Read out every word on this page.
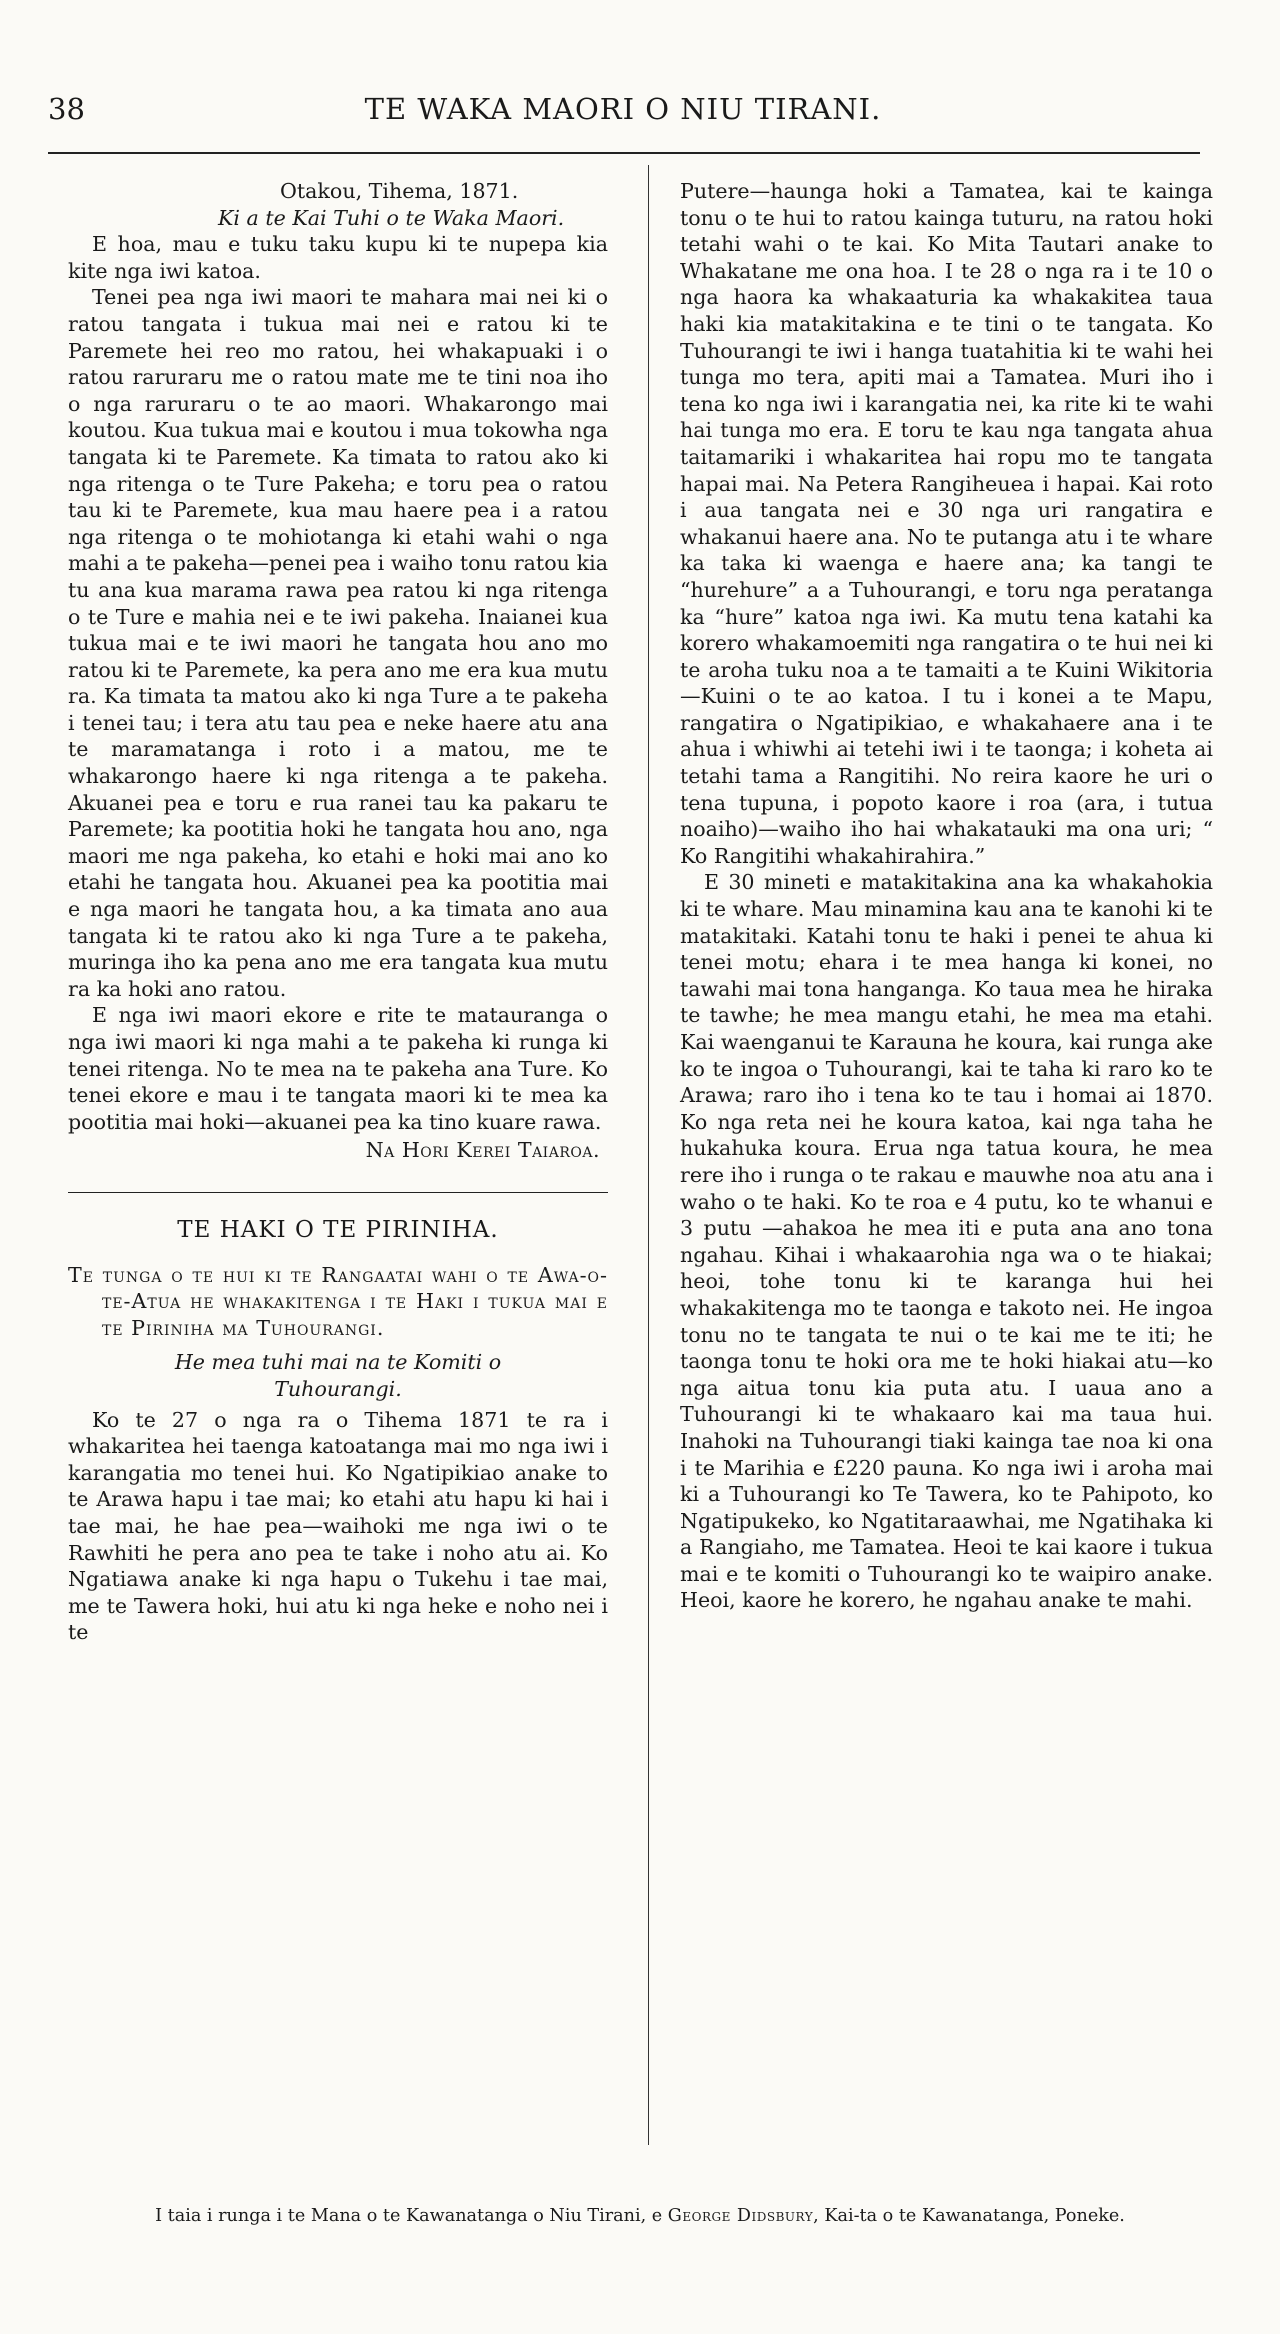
38	TE WAKA MAORI O NIU TIRANI.

Otakou, Tihema, 1871.

Ki a te Kai Tuhi o te Waka Maori.

E hoa, mau e tuku taku kupu ki te nupepa kia kite nga iwi katoa.

Tenei pea nga iwi maori te mahara mai nei ki o ratou tangata i tukua mai nei e ratou ki te Paremete hei reo mo ratou, hei whakapuaki i o ratou raruraru me o ratou mate me te tini noa iho o nga raruraru o te ao maori. Whakarongo mai koutou. Kua tukua mai e koutou i mua tokowha nga tangata ki te Paremete. Ka timata to ratou ako ki nga ritenga o te Ture Pakeha; e toru pea o ratou tau ki te Paremete, kua mau haere pea i a ratou nga ritenga o te mohiotanga ki etahi wahi o nga mahi a te pakeha—penei pea i waiho tonu ratou kia tu ana kua marama rawa pea ratou ki nga ritenga o te Ture e mahia nei e te iwi pakeha. Inaianei kua tukua mai e te iwi maori he tangata hou ano mo ratou ki te Paremete, ka pera ano me era kua mutu ra. Ka timata ta matou ako ki nga Ture a te pakeha i tenei tau; i tera atu tau pea e neke haere atu ana te maramatanga i roto i a matou, me te whakarongo haere ki nga ritenga a te pakeha. Akuanei pea e toru e rua ranei tau ka pakaru te Paremete; ka pootitia hoki he tangata hou ano, nga maori me nga pakeha, ko etahi e hoki mai ano ko etahi he tangata hou. Akuanei pea ka pootitia mai e nga maori he tangata hou, a ka timata ano aua tangata ki te ratou ako ki nga Ture a te pakeha, muringa iho ka pena ano me era tangata kua mutu ra ka hoki ano ratou.

E nga iwi maori ekore e rite te matauranga o nga iwi maori ki nga mahi a te pakeha ki runga ki tenei ritenga. No te mea na te pakeha ana Ture. Ko tenei ekore e mau i te tangata maori ki te mea ka pootitia mai hoki—akuanei pea ka tino kuare rawa.

Na Hori Kerei Taiaroa.

TE HAKI O TE PIRINIHA.

Te tunga o te hui ki te Rangaatai wahi o te Awa-o-te-Atua he whakakitenga i te Haki i tukua mai e te Piriniha ma Tuhourangi.

He mea tuhi mai na te Komiti o Tuhourangi.

Ko te 27 o nga ra o Tihema 1871 te ra i whakaritea hei taenga katoatanga mai mo nga iwi i karangatia mo tenei hui. Ko Ngatipikiao anake to te Arawa hapu i tae mai; ko etahi atu hapu ki hai i tae mai, he hae pea—waihoki me nga iwi o te Rawhiti he pera ano pea te take i noho atu ai. Ko Ngatiawa anake ki nga hapu o Tukehu i tae mai, me te Tawera hoki, hui atu ki nga heke e noho nei i te

Putere—haunga hoki a Tamatea, kai te kainga tonu o te hui to ratou kainga tuturu, na ratou hoki tetahi wahi o te kai. Ko Mita Tautari anake to Whakatane me ona hoa. I te 28 o nga ra i te 10 o nga haora ka whakaaturia ka whakakitea taua haki kia matakitakina e te tini o te tangata. Ko Tuhourangi te iwi i hanga tuatahitia ki te wahi hei tunga mo tera, apiti mai a Tamatea. Muri iho i tena ko nga iwi i karangatia nei, ka rite ki te wahi hai tunga mo era. E toru te kau nga tangata ahua taitamariki i whakaritea hai ropu mo te tangata hapai mai. Na Petera Rangiheuea i hapai. Kai roto i aua tangata nei e 30 nga uri rangatira e whakanui haere ana. No te putanga atu i te whare ka taka ki waenga e haere ana; ka tangi te “hurehure” a a Tuhourangi, e toru nga peratanga ka “hure” katoa nga iwi. Ka mutu tena katahi ka korero whakamoemiti nga rangatira o te hui nei ki te aroha tuku noa a te tamaiti a te Kuini Wikitoria—Kuini o te ao katoa. I tu i konei a te Mapu, rangatira o Ngatipikiao, e whakahaere ana i te ahua i whiwhi ai tetehi iwi i te taonga; i koheta ai tetahi tama a Rangitihi. No reira kaore he uri o tena tupuna, i popoto kaore i roa (ara, i tutua noaiho)—waiho iho hai whakatauki ma ona uri; “ Ko Rangitihi whakahirahira.”

E 30 mineti e matakitakina ana ka whakahokia ki te whare. Mau minamina kau ana te kanohi ki te matakitaki. Katahi tonu te haki i penei te ahua ki tenei motu; ehara i te mea hanga ki konei, no tawahi mai tona hanganga. Ko taua mea he hiraka te tawhe; he mea mangu etahi, he mea ma etahi. Kai waenganui te Karauna he koura, kai runga ake ko te ingoa o Tuhourangi, kai te taha ki raro ko te Arawa; raro iho i tena ko te tau i homai ai 1870. Ko nga reta nei he koura katoa, kai nga taha he hukahuka koura. Erua nga tatua koura, he mea rere iho i runga o te rakau e mauwhe noa atu ana i waho o te haki. Ko te roa e 4 putu, ko te whanui e 3 putu —ahakoa he mea iti e puta ana ano tona ngahau. Kihai i whakaarohia nga wa o te hiakai; heoi, tohe tonu ki te karanga hui hei whakakitenga mo te taonga e takoto nei. He ingoa tonu no te tangata te nui o te kai me te iti; he taonga tonu te hoki ora me te hoki hiakai atu—ko nga aitua tonu kia puta atu. I uaua ano a Tuhourangi ki te whakaaro kai ma taua hui. Inahoki na Tuhourangi tiaki kainga tae noa ki ona i te Marihia e £220 pauna. Ko nga iwi i aroha mai ki a Tuhourangi ko Te Tawera, ko te Pahipoto, ko Ngatipukeko, ko Ngatitaraawhai, me Ngatihaka ki a Rangiaho, me Tamatea. Heoi te kai kaore i tukua mai e te komiti o Tuhourangi ko te waipiro anake. Heoi, kaore he korero, he ngahau anake te mahi.

I taia i runga i te Mana o te Kawanatanga o Niu Tirani, e George Didsbury, Kai-ta o te Kawanatanga, Poneke.
